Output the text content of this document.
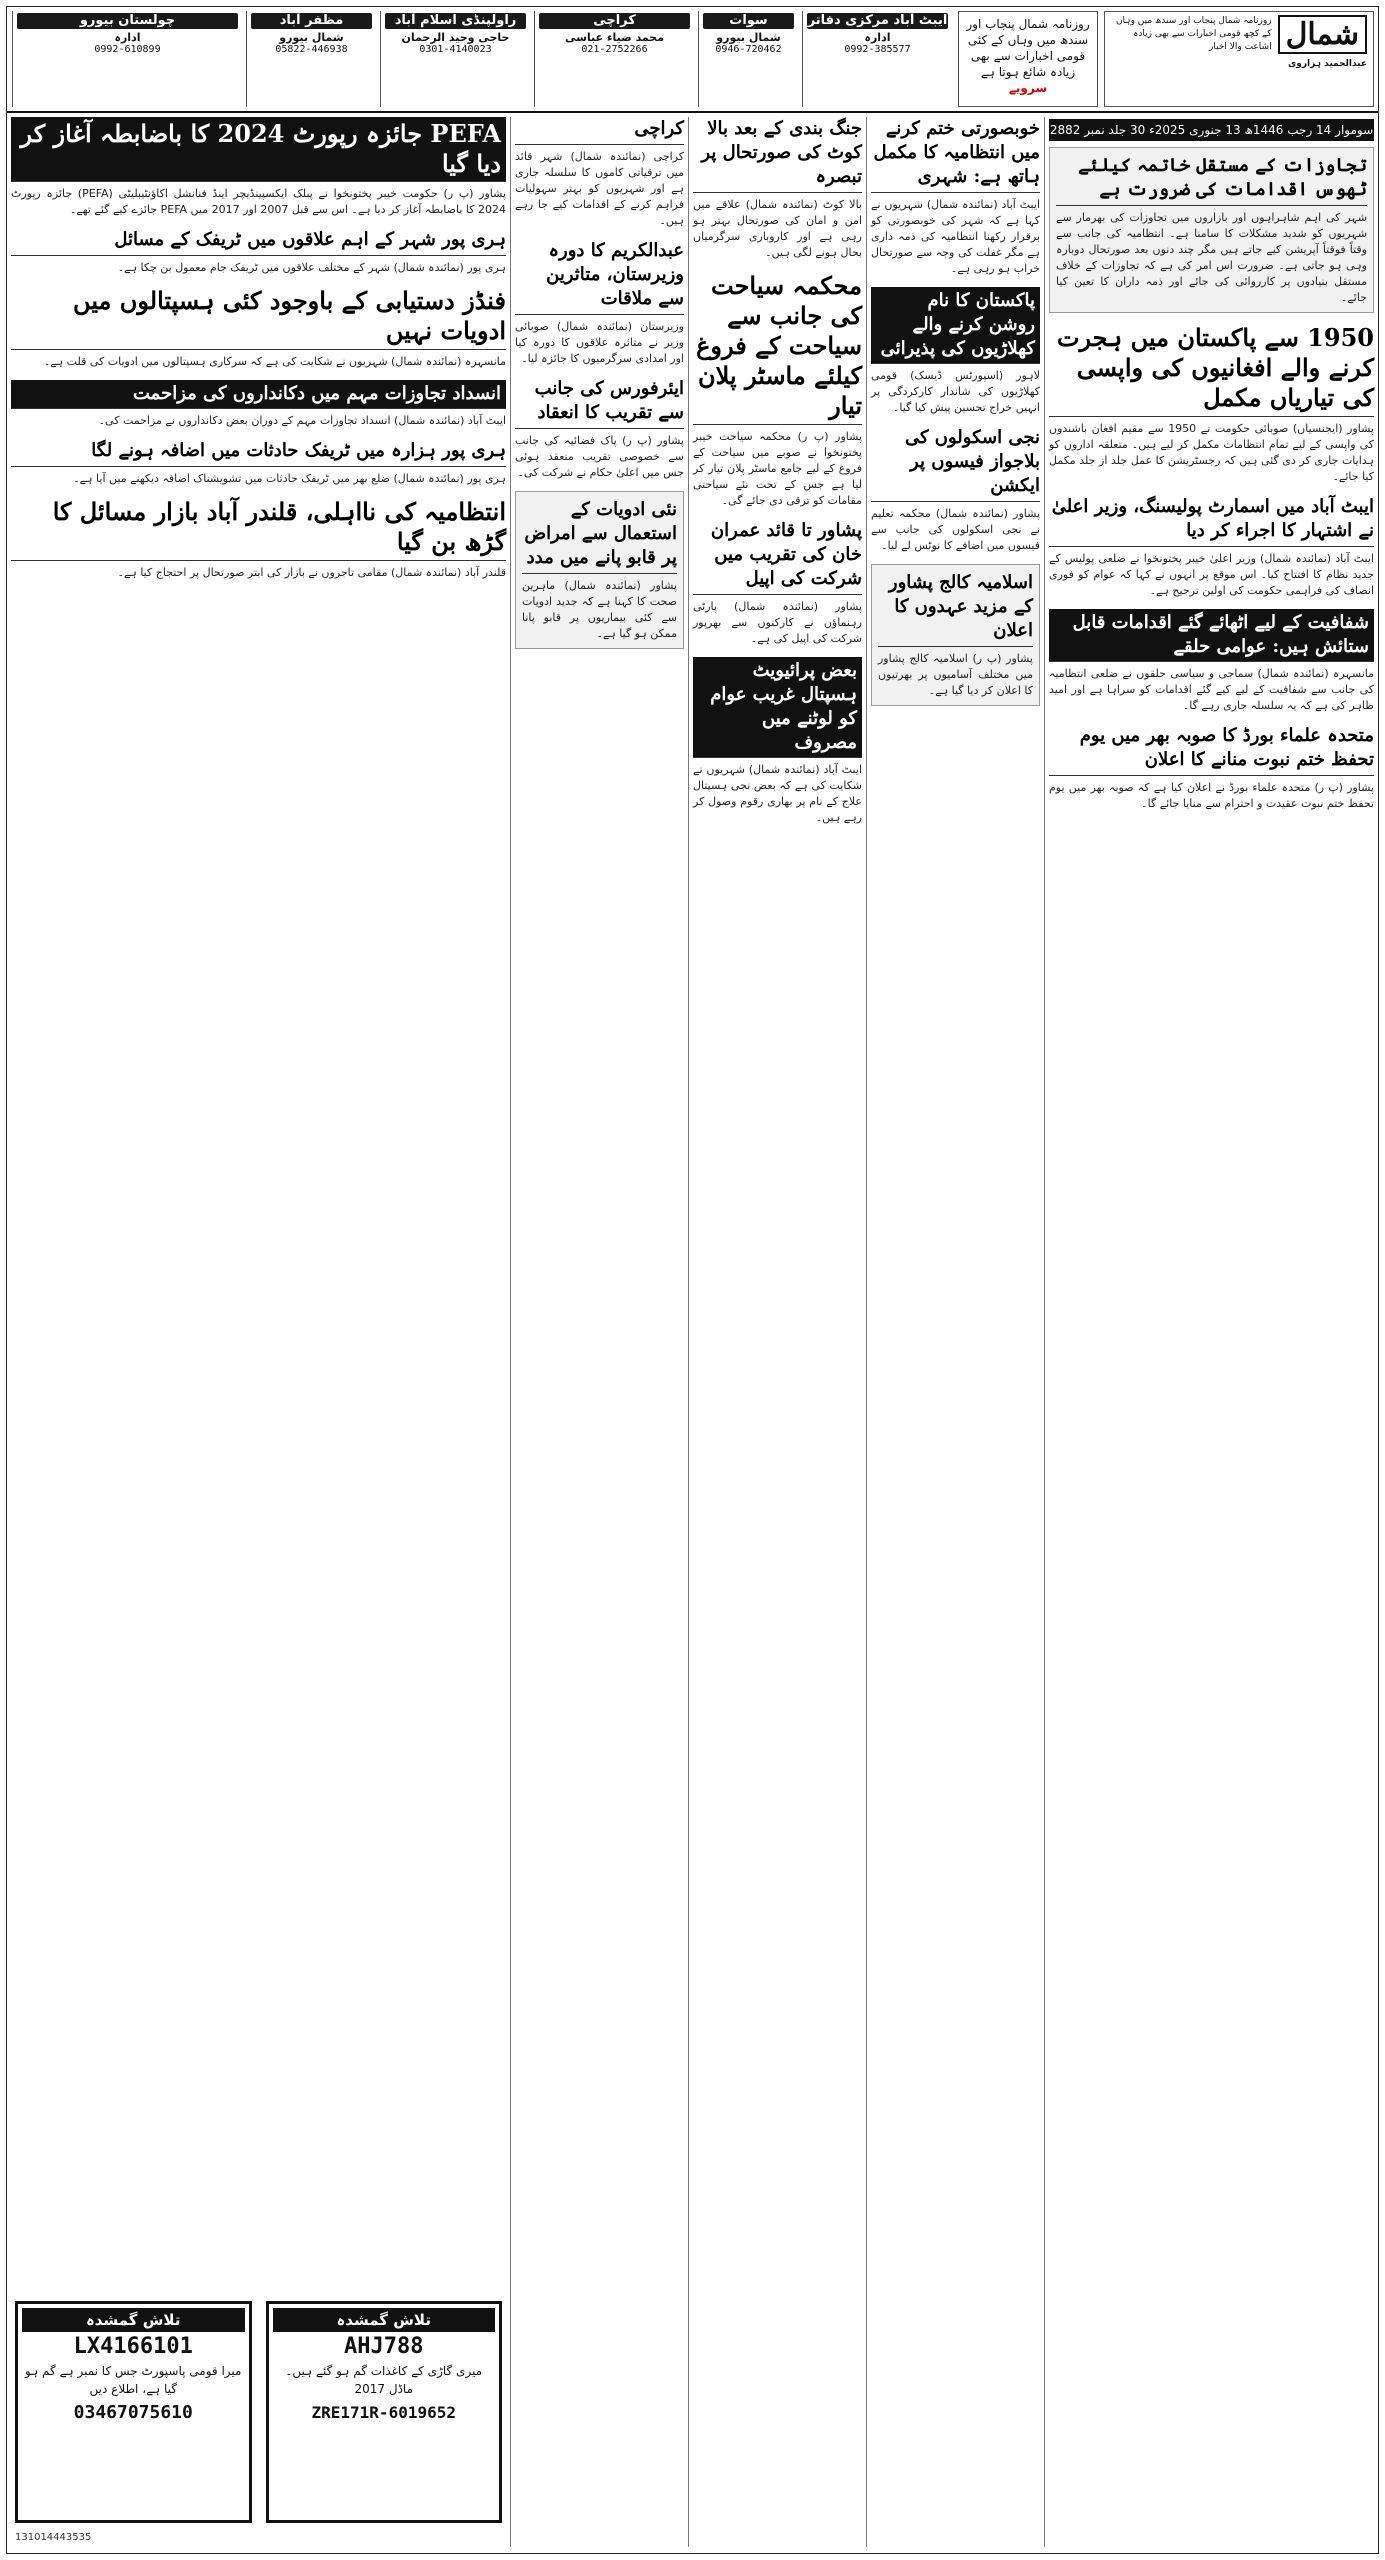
شمال
روزنامہ شمال پنجاب اور سندھ میں وہاں کے کچھ قومی اخبارات سے بھی زیادہ اشاعت والا اخبار
عبدالحمید ہزاروی
روزنامہ شمال پنجاب اور سندھ میں وہاں کے کئی قومی اخبارات سے بھی زیادہ شائع ہوتا ہے
سرویے
ایبٹ آباد مرکزی دفاتر
ادارہ
0992-385577
سوات
شمال بیورو
0946-720462
کراچی
محمد ضیاء عباسی
021-2752266
راولپنڈی اسلام آباد
حاجی وحید الرحمان
0301-4140023
مظفر آباد
شمال بیورو
05822-446938
چولستان بیورو
ادارہ
0992-610899
سوموار 14 رجب 1446ھ 13 جنوری 2025ء 30 جلد نمبر 2882
تجاوزات کے مستقل خاتمہ کیلئے ٹھوس اقدامات کی ضرورت ہے
شہر کی اہم شاہراہوں اور بازاروں میں تجاوزات کی بھرمار سے شہریوں کو شدید مشکلات کا سامنا ہے۔ انتظامیہ کی جانب سے وقتاً فوقتاً آپریشن کیے جاتے ہیں مگر چند دنوں بعد صورتحال دوبارہ وہی ہو جاتی ہے۔ ضرورت اس امر کی ہے کہ تجاوزات کے خلاف مستقل بنیادوں پر کارروائی کی جائے اور ذمہ داران کا تعین کیا جائے۔
1950 سے پاکستان میں ہجرت کرنے والے افغانیوں کی واپسی کی تیاریاں مکمل
پشاور (ایجنسیاں) صوبائی حکومت نے 1950 سے مقیم افغان باشندوں کی واپسی کے لیے تمام انتظامات مکمل کر لیے ہیں۔ متعلقہ اداروں کو ہدایات جاری کر دی گئی ہیں کہ رجسٹریشن کا عمل جلد از جلد مکمل کیا جائے۔
ایبٹ آباد میں اسمارٹ پولیسنگ، وزیر اعلیٰ نے اشتہار کا اجراء کر دیا
ایبٹ آباد (نمائندہ شمال) وزیر اعلیٰ خیبر پختونخوا نے ضلعی پولیس کے جدید نظام کا افتتاح کیا۔ اس موقع پر انہوں نے کہا کہ عوام کو فوری انصاف کی فراہمی حکومت کی اولین ترجیح ہے۔
شفافیت کے لیے اٹھائے گئے اقدامات قابل ستائش ہیں: عوامی حلقے
مانسہرہ (نمائندہ شمال) سماجی و سیاسی حلقوں نے ضلعی انتظامیہ کی جانب سے شفافیت کے لیے کیے گئے اقدامات کو سراہا ہے اور امید ظاہر کی ہے کہ یہ سلسلہ جاری رہے گا۔
متحدہ علماء بورڈ کا صوبہ بھر میں یوم تحفظ ختم نبوت منانے کا اعلان
پشاور (پ ر) متحدہ علماء بورڈ نے اعلان کیا ہے کہ صوبہ بھر میں یوم تحفظ ختم نبوت عقیدت و احترام سے منایا جائے گا۔
خوبصورتی ختم کرنے میں انتظامیہ کا مکمل ہاتھ ہے: شہری
ایبٹ آباد (نمائندہ شمال) شہریوں نے کہا ہے کہ شہر کی خوبصورتی کو برقرار رکھنا انتظامیہ کی ذمہ داری ہے مگر غفلت کی وجہ سے صورتحال خراب ہو رہی ہے۔
پاکستان کا نام روشن کرنے والے کھلاڑیوں کی پذیرائی
لاہور (اسپورٹس ڈیسک) قومی کھلاڑیوں کی شاندار کارکردگی پر انہیں خراج تحسین پیش کیا گیا۔
نجی اسکولوں کی بلاجواز فیسوں پر ایکشن
پشاور (نمائندہ شمال) محکمہ تعلیم نے نجی اسکولوں کی جانب سے فیسوں میں اضافے کا نوٹس لے لیا۔
اسلامیہ کالج پشاور کے مزید عہدوں کا اعلان
پشاور (پ ر) اسلامیہ کالج پشاور میں مختلف آسامیوں پر بھرتیوں کا اعلان کر دیا گیا ہے۔
جنگ بندی کے بعد بالا کوٹ کی صورتحال پر تبصرہ
بالا کوٹ (نمائندہ شمال) علاقے میں امن و امان کی صورتحال بہتر ہو رہی ہے اور کاروباری سرگرمیاں بحال ہونے لگی ہیں۔
محکمہ سیاحت کی جانب سے سیاحت کے فروغ کیلئے ماسٹر پلان تیار
پشاور (پ ر) محکمہ سیاحت خیبر پختونخوا نے صوبے میں سیاحت کے فروغ کے لیے جامع ماسٹر پلان تیار کر لیا ہے جس کے تحت نئے سیاحتی مقامات کو ترقی دی جائے گی۔
پشاور تا قائد عمران خان کی تقریب میں شرکت کی اپیل
پشاور (نمائندہ شمال) پارٹی رہنماؤں نے کارکنوں سے بھرپور شرکت کی اپیل کی ہے۔
بعض پرائیویٹ ہسپتال غریب عوام کو لوٹنے میں مصروف
ایبٹ آباد (نمائندہ شمال) شہریوں نے شکایت کی ہے کہ بعض نجی ہسپتال علاج کے نام پر بھاری رقوم وصول کر رہے ہیں۔
کراچی
کراچی (نمائندہ شمال) شہر قائد میں ترقیاتی کاموں کا سلسلہ جاری ہے اور شہریوں کو بہتر سہولیات فراہم کرنے کے اقدامات کیے جا رہے ہیں۔
عبدالکریم کا دورہ وزیرستان، متاثرین سے ملاقات
وزیرستان (نمائندہ شمال) صوبائی وزیر نے متاثرہ علاقوں کا دورہ کیا اور امدادی سرگرمیوں کا جائزہ لیا۔
ایئرفورس کی جانب سے تقریب کا انعقاد
پشاور (پ ر) پاک فضائیہ کی جانب سے خصوصی تقریب منعقد ہوئی جس میں اعلیٰ حکام نے شرکت کی۔
نئی ادویات کے استعمال سے امراض پر قابو پانے میں مدد
پشاور (نمائندہ شمال) ماہرین صحت کا کہنا ہے کہ جدید ادویات سے کئی بیماریوں پر قابو پانا ممکن ہو گیا ہے۔
PEFA جائزہ رپورٹ 2024 کا باضابطہ آغاز کر دیا گیا
پشاور (پ ر) حکومت خیبر پختونخوا نے پبلک ایکسپینڈیچر اینڈ فنانشل اکاؤنٹیبلیٹی (PEFA) جائزہ رپورٹ 2024 کا باضابطہ آغاز کر دیا ہے۔ اس سے قبل 2007 اور 2017 میں PEFA جائزے کیے گئے تھے۔
ہری پور شہر کے اہم علاقوں میں ٹریفک کے مسائل
ہری پور (نمائندہ شمال) شہر کے مختلف علاقوں میں ٹریفک جام معمول بن چکا ہے۔
فنڈز دستیابی کے باوجود کئی ہسپتالوں میں ادویات نہیں
مانسہرہ (نمائندہ شمال) شہریوں نے شکایت کی ہے کہ سرکاری ہسپتالوں میں ادویات کی قلت ہے۔
انسداد تجاوزات مہم میں دکانداروں کی مزاحمت
ایبٹ آباد (نمائندہ شمال) انسداد تجاوزات مہم کے دوران بعض دکانداروں نے مزاحمت کی۔
ہری پور ہزارہ میں ٹریفک حادثات میں اضافہ ہونے لگا
ہری پور (نمائندہ شمال) ضلع بھر میں ٹریفک حادثات میں تشویشناک اضافہ دیکھنے میں آیا ہے۔
انتظامیہ کی نااہلی، قلندر آباد بازار مسائل کا گڑھ بن گیا
قلندر آباد (نمائندہ شمال) مقامی تاجروں نے بازار کی ابتر صورتحال پر احتجاج کیا ہے۔
تلاش گمشدہ
AHJ788
میری گاڑی کے کاغذات گم ہو گئے ہیں۔ ماڈل 2017
ZRE171R-6019652
تلاش گمشدہ
LX4166101
میرا قومی پاسپورٹ جس کا نمبر ہے گم ہو گیا ہے، اطلاع دیں
03467075610
131014443535
